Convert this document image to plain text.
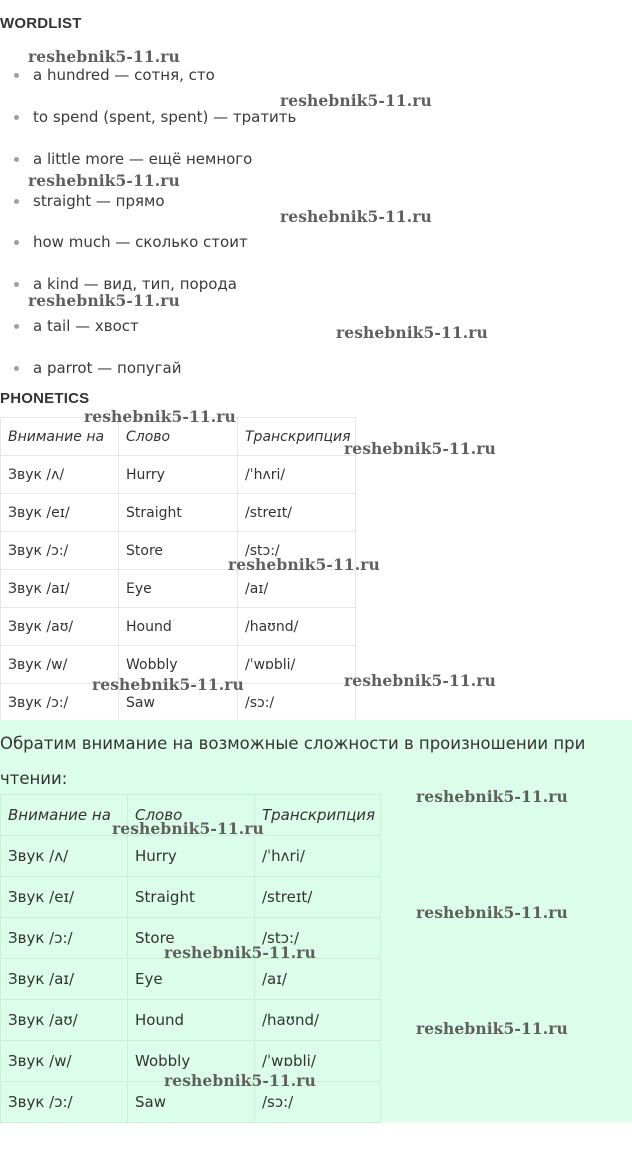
WORDLIST
a hundred — сотня, сто
to spend (spent, spent) — тратить
a little more — ещё немного
straight — прямо
how much — сколько стоит
a kind — вид, тип, порода
a tail — хвост
a parrot — попугай
PHONETICS
Внимание на	Слово	Транскрипция
Звук /ʌ/	Hurry	/ˈhʌri/
Звук /eɪ/	Straight	/streɪt/
Звук /ɔ:/	Store	/stɔ:/
Звук /aɪ/	Eye	/aɪ/
Звук /aʊ/	Hound	/haʊnd/
Звук /w/	Wobbly	/ˈwɒbli/
Звук /ɔ:/	Saw	/sɔ:/

Обратим внимание на возможные сложности в произношении при чтении:

Внимание на	Слово	Транскрипция
Звук /ʌ/	Hurry	/ˈhʌri/
Звук /eɪ/	Straight	/streɪt/
Звук /ɔ:/	Store	/stɔ:/
Звук /aɪ/	Eye	/aɪ/
Звук /aʊ/	Hound	/haʊnd/
Звук /w/	Wobbly	/ˈwɒbli/
Звук /ɔ:/	Saw	/sɔ:/
reshebnik5-11.ru
reshebnik5-11.ru
reshebnik5-11.ru
reshebnik5-11.ru
reshebnik5-11.ru
reshebnik5-11.ru
reshebnik5-11.ru
reshebnik5-11.ru
reshebnik5-11.ru
reshebnik5-11.ru	reshebnik5-11.ru
reshebnik5-11.ru
reshebnik5-11.ru
reshebnik5-11.ru
reshebnik5-11.ru
reshebnik5-11.ru
reshebnik5-11.ru
